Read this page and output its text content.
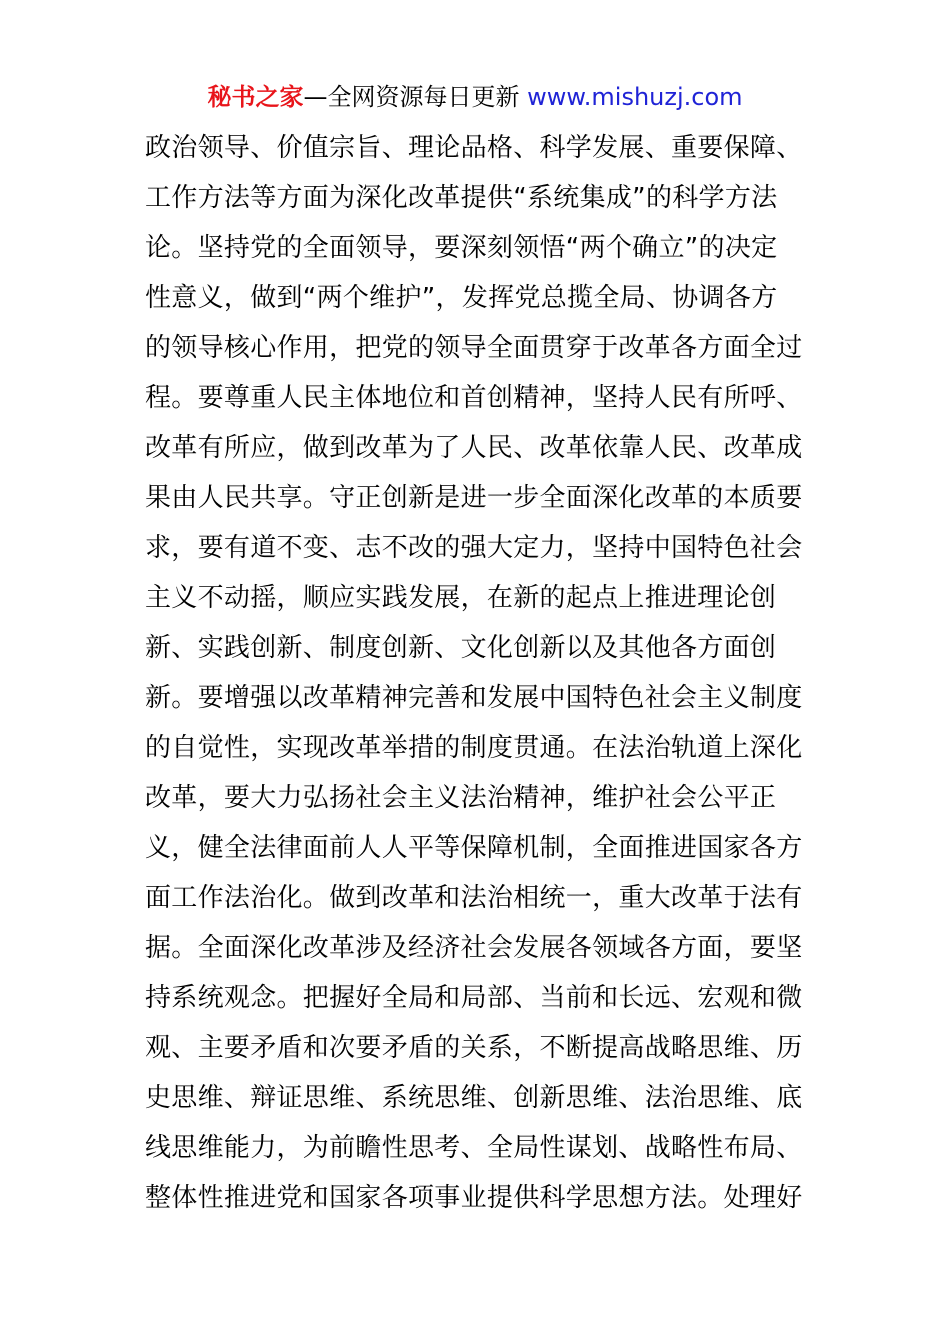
秘书之家—全网资源每日更新 www.mishuzj.com
政治领导、价值宗旨、理论品格、科学发展、重要保障、
工作方法等方面为深化改革提供“系统集成”的科学方法
论。坚持党的全面领导，要深刻领悟“两个确立”的决定
性意义，做到“两个维护”，发挥党总揽全局、协调各方
的领导核心作用，把党的领导全面贯穿于改革各方面全过
程。要尊重人民主体地位和首创精神，坚持人民有所呼、
改革有所应，做到改革为了人民、改革依靠人民、改革成
果由人民共享。守正创新是进一步全面深化改革的本质要
求，要有道不变、志不改的强大定力，坚持中国特色社会
主义不动摇，顺应实践发展，在新的起点上推进理论创
新、实践创新、制度创新、文化创新以及其他各方面创
新。要增强以改革精神完善和发展中国特色社会主义制度
的自觉性，实现改革举措的制度贯通。在法治轨道上深化
改革，要大力弘扬社会主义法治精神，维护社会公平正
义，健全法律面前人人平等保障机制，全面推进国家各方
面工作法治化。做到改革和法治相统一，重大改革于法有
据。全面深化改革涉及经济社会发展各领域各方面，要坚
持系统观念。把握好全局和局部、当前和长远、宏观和微
观、主要矛盾和次要矛盾的关系，不断提高战略思维、历
史思维、辩证思维、系统思维、创新思维、法治思维、底
线思维能力，为前瞻性思考、全局性谋划、战略性布局、
整体性推进党和国家各项事业提供科学思想方法。处理好
